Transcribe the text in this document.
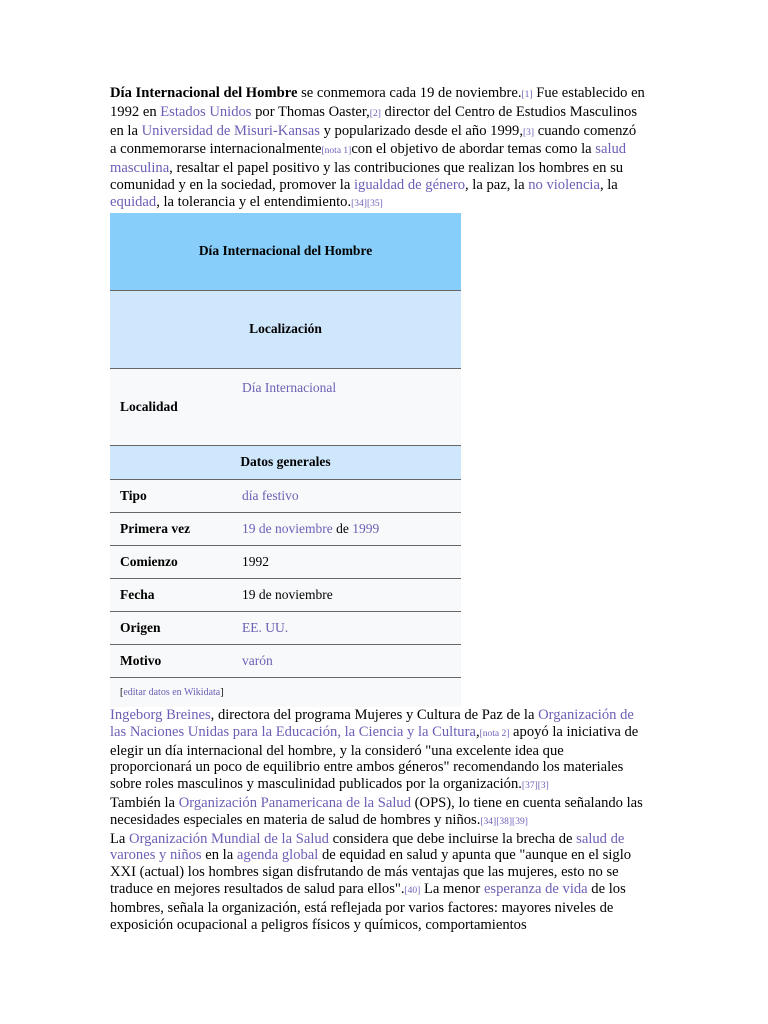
Día Internacional del Hombre se conmemora cada 19 de noviembre.[1] Fue establecido en 1992 en Estados Unidos por Thomas Oaster,[2] director del Centro de Estudios Masculinos en la Universidad de Misuri-Kansas y popularizado desde el año 1999,[3] cuando comenzó a conmemorarse internacionalmente[nota 1]con el objetivo de abordar temas como la salud masculina, resaltar el papel positivo y las contribuciones que realizan los hombres en su comunidad y en la sociedad, promover la igualdad de género, la paz, la no violencia, la equidad, la tolerancia y el entendimiento.[34][35]

Día Internacional del Hombre	
Localización	
Localidad	Día Internacional
Datos generales	
Tipo	día festivo
Primera vez	19 de noviembre de 1999
Comienzo	1992
Fecha	19 de noviembre
Origen	EE. UU.
Motivo	varón
[editar datos en Wikidata]	

Ingeborg Breines, directora del programa Mujeres y Cultura de Paz de la Organización de las Naciones Unidas para la Educación, la Ciencia y la Cultura,[nota 2] apoyó la iniciativa de elegir un día internacional del hombre, y la consideró "una excelente idea que proporcionará un poco de equilibrio entre ambos géneros" recomendando los materiales sobre roles masculinos y masculinidad publicados por la organización.[37][3]

También la Organización Panamericana de la Salud (OPS), lo tiene en cuenta señalando las necesidades especiales en materia de salud de hombres y niños.[34][38][39]

La Organización Mundial de la Salud considera que debe incluirse la brecha de salud de varones y niños en la agenda global de equidad en salud y apunta que "aunque en el siglo XXI (actual) los hombres sigan disfrutando de más ventajas que las mujeres, esto no se traduce en mejores resultados de salud para ellos".[40] La menor esperanza de vida de los hombres, señala la organización, está reflejada por varios factores: mayores niveles de exposición ocupacional a peligros físicos y químicos, comportamientos
